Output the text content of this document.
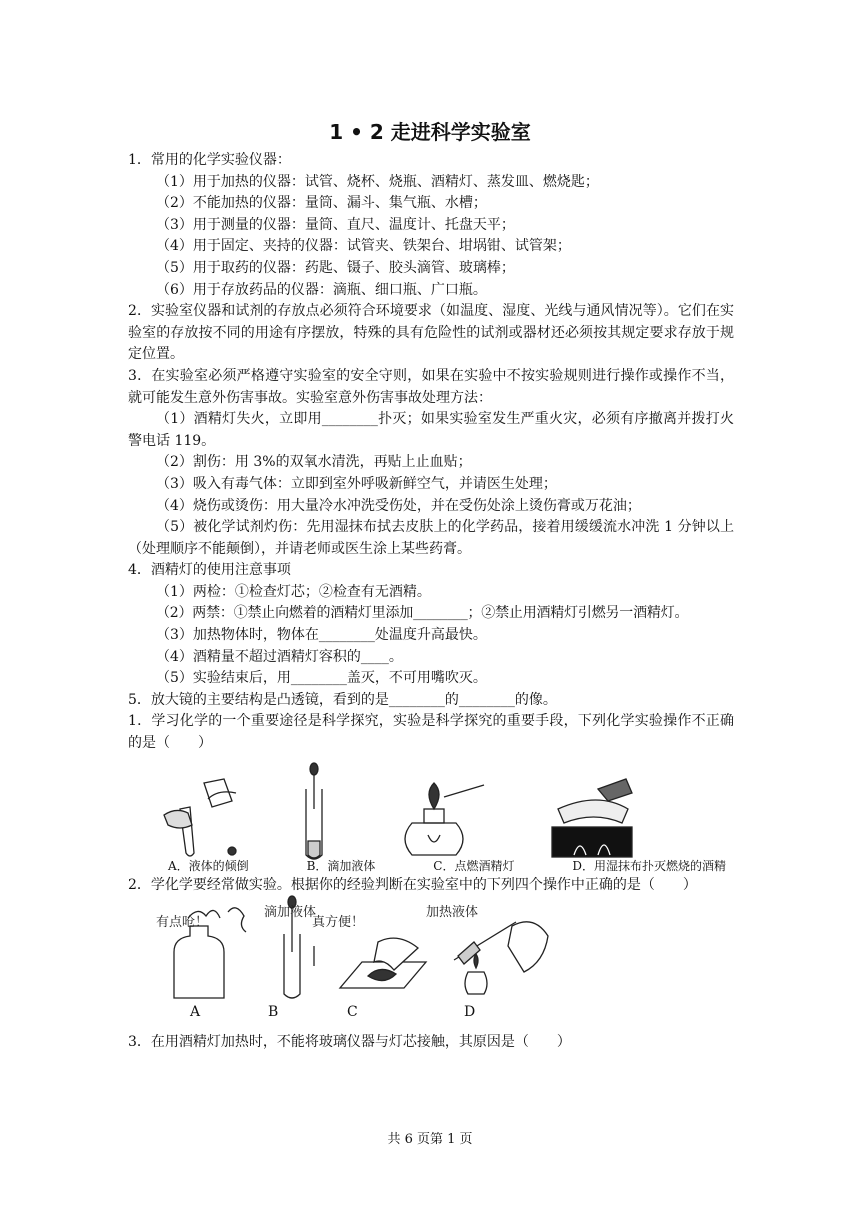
1 • 2 走进科学实验室
1．常用的化学实验仪器：
（1）用于加热的仪器：试管、烧杯、烧瓶、酒精灯、蒸发皿、燃烧匙；
（2）不能加热的仪器：量筒、漏斗、集气瓶、水槽；
（3）用于测量的仪器：量筒、直尺、温度计、托盘天平；
（4）用于固定、夹持的仪器：试管夹、铁架台、坩埚钳、试管架；
（5）用于取药的仪器：药匙、镊子、胶头滴管、玻璃棒；
（6）用于存放药品的仪器：滴瓶、细口瓶、广口瓶。
2．实验室仪器和试剂的存放点必须符合环境要求（如温度、湿度、光线与通风情况等）。它们在实验室的存放按不同的用途有序摆放，特殊的具有危险性的试剂或器材还必须按其规定要求存放于规定位置。
3．在实验室必须严格遵守实验室的安全守则，如果在实验中不按实验规则进行操作或操作不当，就可能发生意外伤害事故。实验室意外伤害事故处理方法：
（1）酒精灯失火，立即用________扑灭；如果实验室发生严重火灾，必须有序撤离并拨打火警电话 119。
（2）割伤：用 3%的双氧水清洗，再贴上止血贴；
（3）吸入有毒气体：立即到室外呼吸新鲜空气，并请医生处理；
（4）烧伤或烫伤：用大量冷水冲洗受伤处，并在受伤处涂上烫伤膏或万花油；
（5）被化学试剂灼伤：先用湿抹布拭去皮肤上的化学药品，接着用缓缓流水冲洗 1 分钟以上（处理顺序不能颠倒），并请老师或医生涂上某些药膏。
4．酒精灯的使用注意事项
（1）两检：①检查灯芯；②检查有无酒精。
（2）两禁：①禁止向燃着的酒精灯里添加________；②禁止用酒精灯引燃另一酒精灯。
（3）加热物体时，物体在________处温度升高最快。
（4）酒精量不超过酒精灯容积的____。
（5）实验结束后，用________盖灭，不可用嘴吹灭。
5．放大镜的主要结构是凸透镜，看到的是________的________的像。
1．学习化学的一个重要途径是科学探究，实验是科学探究的重要手段，下列化学实验操作不正确的是（　　）
A．液体的倾倒	B．滴加液体	C．点燃酒精灯	D．用湿抹布扑灭燃烧的酒精
2．学化学要经常做实验。根据你的经验判断在实验室中的下列四个操作中正确的是（　　）
有点呛！
滴加液体
真方便！
加热液体
A	B	C	D
3．在用酒精灯加热时，不能将玻璃仪器与灯芯接触，其原因是（　　）
共 6 页第 1 页
